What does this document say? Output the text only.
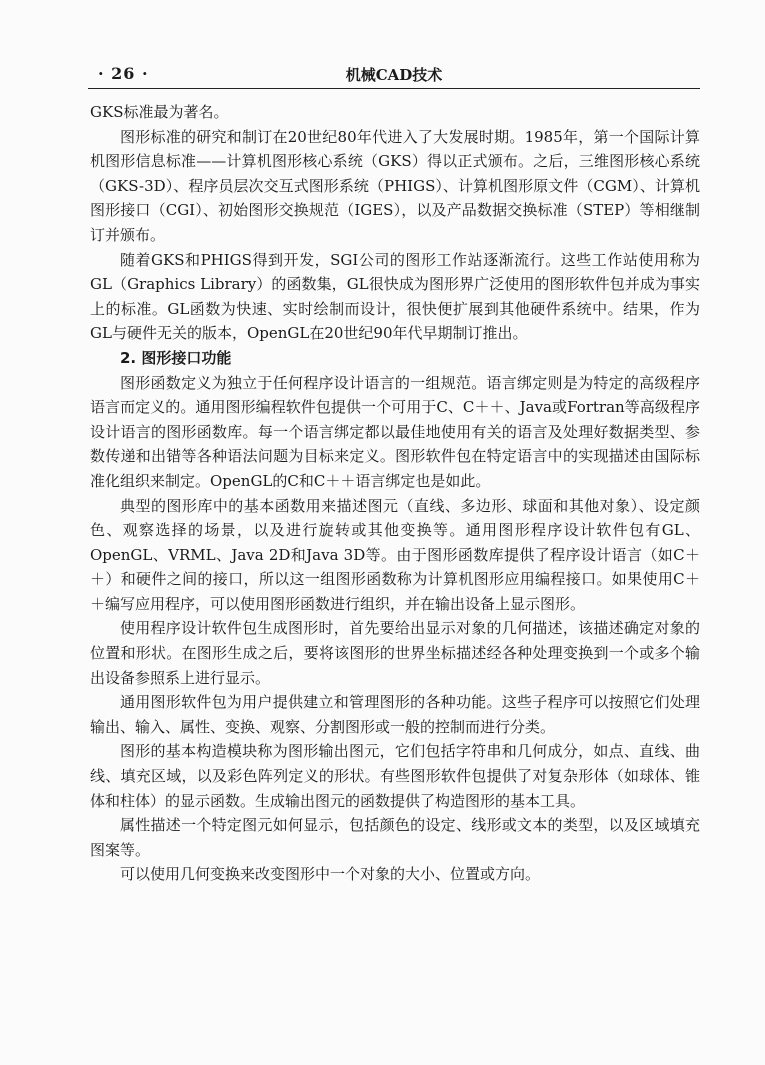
· 26 ·	机械CAD技术

GKS标准最为著名。

图形标准的研究和制订在20世纪80年代进入了大发展时期。1985年，第一个国际计算机图形信息标准——计算机图形核心系统（GKS）得以正式颁布。之后，三维图形核心系统（GKS-3D）、程序员层次交互式图形系统（PHIGS）、计算机图形原文件（CGM）、计算机图形接口（CGI）、初始图形交换规范（IGES），以及产品数据交换标准（STEP）等相继制订并颁布。

随着GKS和PHIGS得到开发，SGI公司的图形工作站逐渐流行。这些工作站使用称为GL（Graphics Library）的函数集，GL很快成为图形界广泛使用的图形软件包并成为事实上的标准。GL函数为快速、实时绘制而设计，很快便扩展到其他硬件系统中。结果，作为GL与硬件无关的版本，OpenGL在20世纪90年代早期制订推出。

2. 图形接口功能

图形函数定义为独立于任何程序设计语言的一组规范。语言绑定则是为特定的高级程序语言而定义的。通用图形编程软件包提供一个可用于C、C＋＋、Java或Fortran等高级程序设计语言的图形函数库。每一个语言绑定都以最佳地使用有关的语言及处理好数据类型、参数传递和出错等各种语法问题为目标来定义。图形软件包在特定语言中的实现描述由国际标准化组织来制定。OpenGL的C和C＋＋语言绑定也是如此。

典型的图形库中的基本函数用来描述图元（直线、多边形、球面和其他对象）、设定颜色、观察选择的场景，以及进行旋转或其他变换等。通用图形程序设计软件包有GL、OpenGL、VRML、Java 2D和Java 3D等。由于图形函数库提供了程序设计语言（如C＋＋）和硬件之间的接口，所以这一组图形函数称为计算机图形应用编程接口。如果使用C＋＋编写应用程序，可以使用图形函数进行组织，并在输出设备上显示图形。

使用程序设计软件包生成图形时，首先要给出显示对象的几何描述，该描述确定对象的位置和形状。在图形生成之后，要将该图形的世界坐标描述经各种处理变换到一个或多个输出设备参照系上进行显示。

通用图形软件包为用户提供建立和管理图形的各种功能。这些子程序可以按照它们处理输出、输入、属性、变换、观察、分割图形或一般的控制而进行分类。

图形的基本构造模块称为图形输出图元，它们包括字符串和几何成分，如点、直线、曲线、填充区域，以及彩色阵列定义的形状。有些图形软件包提供了对复杂形体（如球体、锥体和柱体）的显示函数。生成输出图元的函数提供了构造图形的基本工具。

属性描述一个特定图元如何显示，包括颜色的设定、线形或文本的类型，以及区域填充图案等。

可以使用几何变换来改变图形中一个对象的大小、位置或方向。
